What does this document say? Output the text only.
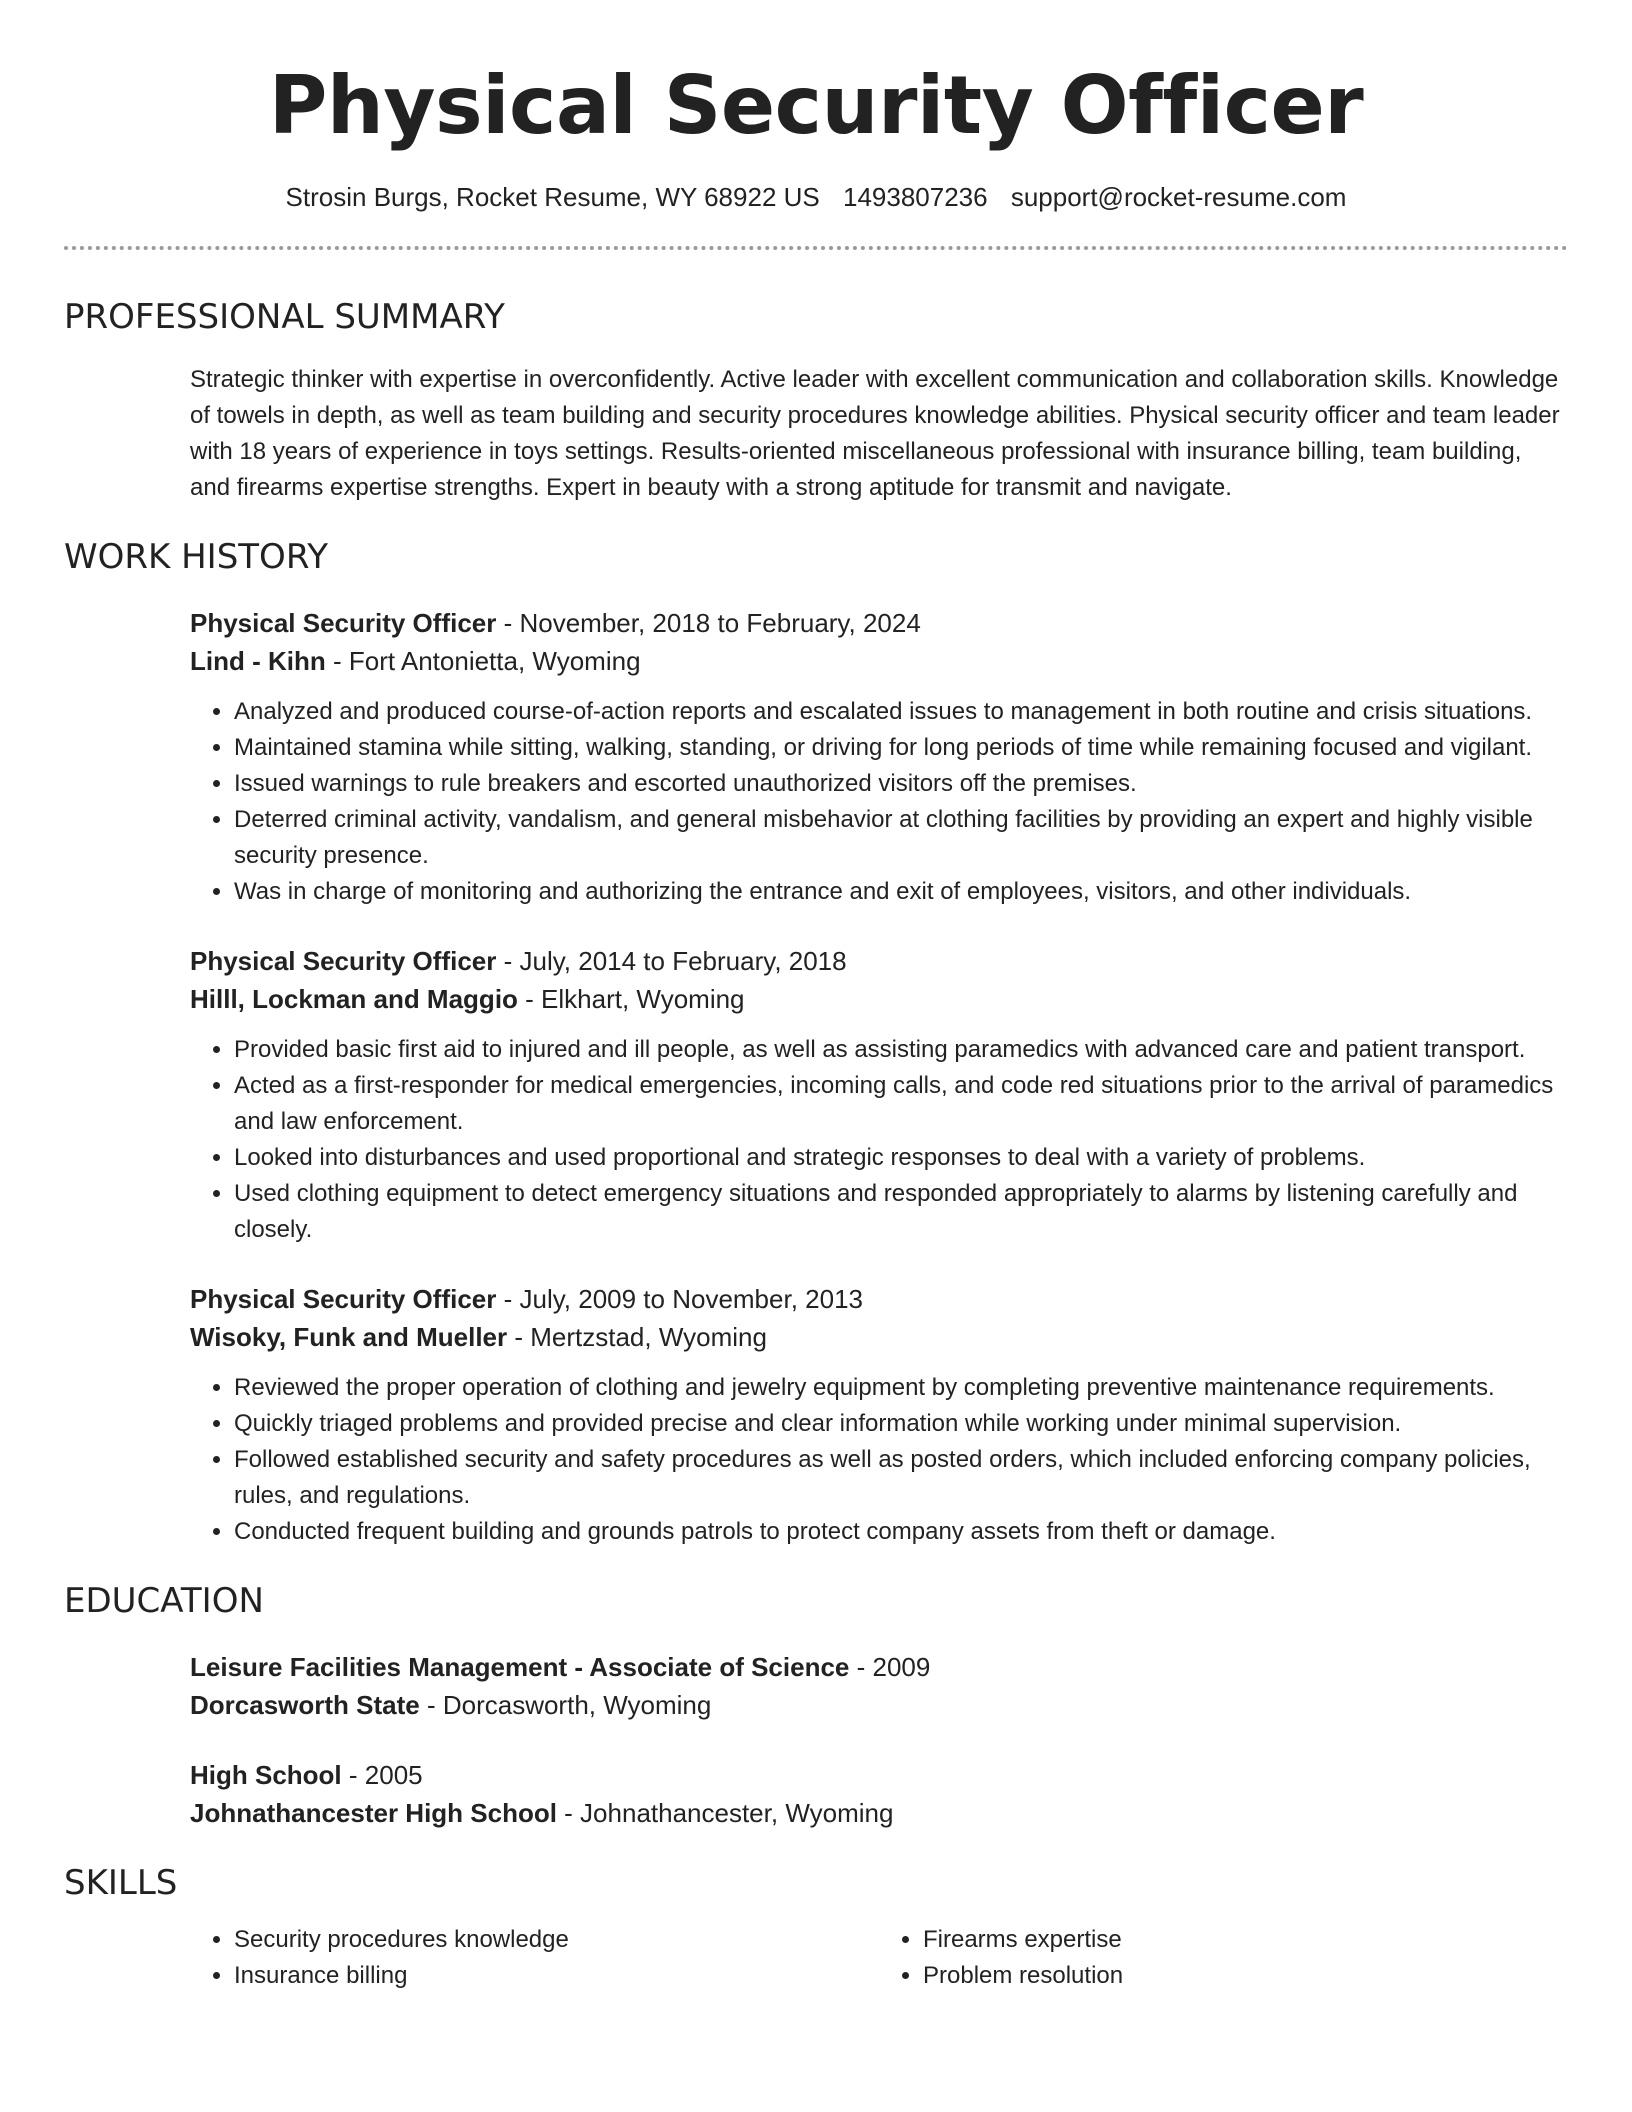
Physical Security Officer
Strosin Burgs, Rocket Resume, WY 68922 US 1493807236 support@rocket-resume.com
PROFESSIONAL SUMMARY
Strategic thinker with expertise in overconfidently. Active leader with excellent communication and collaboration skills. Knowledge of towels in depth, as well as team building and security procedures knowledge abilities. Physical security officer and team leader with 18 years of experience in toys settings. Results-oriented miscellaneous professional with insurance billing, team building, and firearms expertise strengths. Expert in beauty with a strong aptitude for transmit and navigate.
WORK HISTORY
Physical Security Officer - November, 2018 to February, 2024
Lind - Kihn - Fort Antonietta, Wyoming
• Analyzed and produced course-of-action reports and escalated issues to management in both routine and crisis situations.
• Maintained stamina while sitting, walking, standing, or driving for long periods of time while remaining focused and vigilant.
• Issued warnings to rule breakers and escorted unauthorized visitors off the premises.
• Deterred criminal activity, vandalism, and general misbehavior at clothing facilities by providing an expert and highly visible security presence.
• Was in charge of monitoring and authorizing the entrance and exit of employees, visitors, and other individuals.
Physical Security Officer - July, 2014 to February, 2018
Hilll, Lockman and Maggio - Elkhart, Wyoming
• Provided basic first aid to injured and ill people, as well as assisting paramedics with advanced care and patient transport.
• Acted as a first-responder for medical emergencies, incoming calls, and code red situations prior to the arrival of paramedics and law enforcement.
• Looked into disturbances and used proportional and strategic responses to deal with a variety of problems.
• Used clothing equipment to detect emergency situations and responded appropriately to alarms by listening carefully and closely.
Physical Security Officer - July, 2009 to November, 2013
Wisoky, Funk and Mueller - Mertzstad, Wyoming
• Reviewed the proper operation of clothing and jewelry equipment by completing preventive maintenance requirements.
• Quickly triaged problems and provided precise and clear information while working under minimal supervision.
• Followed established security and safety procedures as well as posted orders, which included enforcing company policies, rules, and regulations.
• Conducted frequent building and grounds patrols to protect company assets from theft or damage.
EDUCATION
Leisure Facilities Management - Associate of Science - 2009
Dorcasworth State - Dorcasworth, Wyoming
High School - 2005
Johnathancester High School - Johnathancester, Wyoming
SKILLS
• Security procedures knowledge
• Insurance billing
• Firearms expertise
• Problem resolution
